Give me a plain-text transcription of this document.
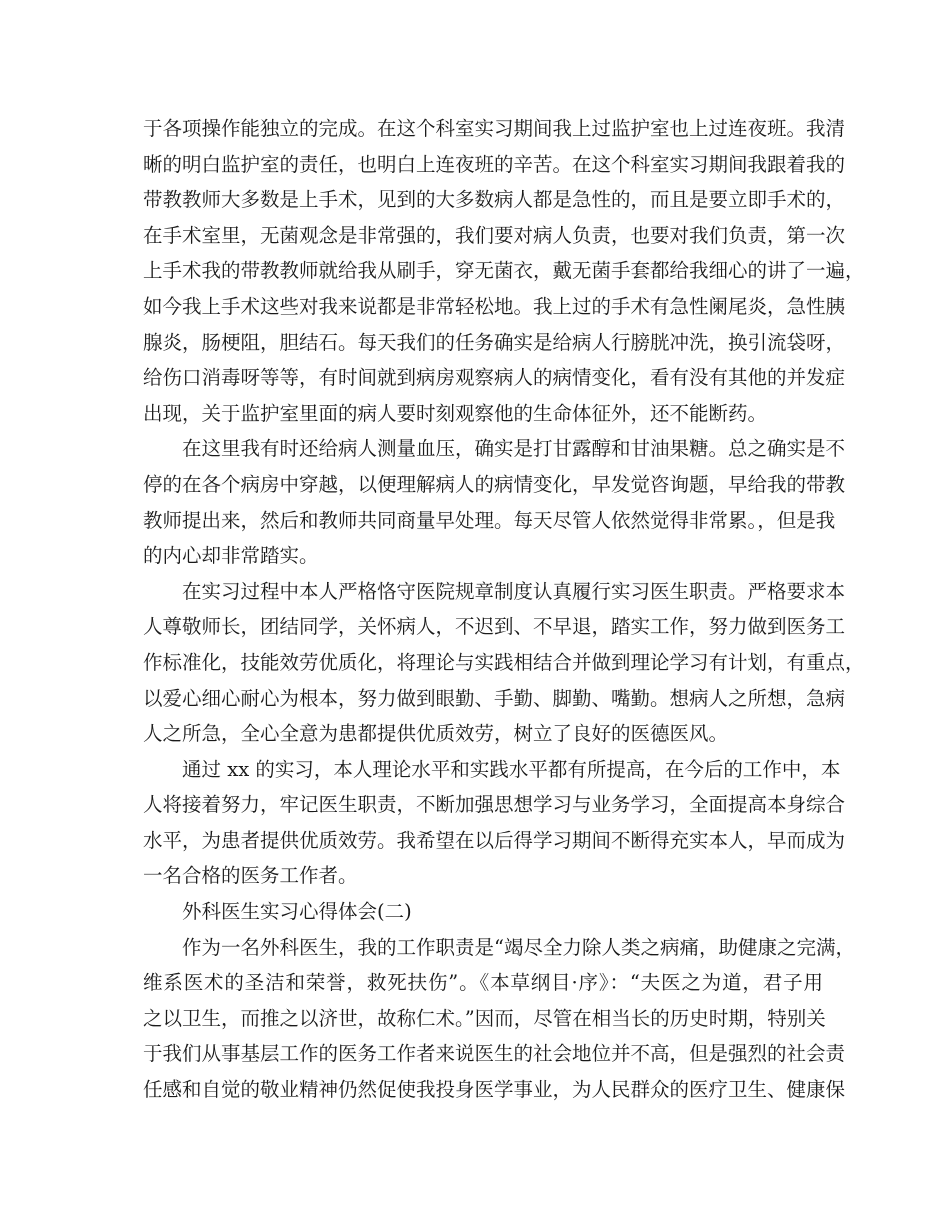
于各项操作能独立的完成。在这个科室实习期间我上过监护室也上过连夜班。我清
晰的明白监护室的责任，也明白上连夜班的辛苦。在这个科室实习期间我跟着我的
带教教师大多数是上手术，见到的大多数病人都是急性的，而且是要立即手术的，
在手术室里，无菌观念是非常强的，我们要对病人负责，也要对我们负责，第一次
上手术我的带教教师就给我从刷手，穿无菌衣，戴无菌手套都给我细心的讲了一遍，
如今我上手术这些对我来说都是非常轻松地。我上过的手术有急性阑尾炎，急性胰
腺炎，肠梗阻，胆结石。每天我们的任务确实是给病人行膀胱冲洗，换引流袋呀，
给伤口消毒呀等等，有时间就到病房观察病人的病情变化，看有没有其他的并发症
出现，关于监护室里面的病人要时刻观察他的生命体征外，还不能断药。
在这里我有时还给病人测量血压，确实是打甘露醇和甘油果糖。总之确实是不
停的在各个病房中穿越，以便理解病人的病情变化，早发觉咨询题，早给我的带教
教师提出来，然后和教师共同商量早处理。每天尽管人依然觉得非常累。，但是我
的内心却非常踏实。
在实习过程中本人严格恪守医院规章制度认真履行实习医生职责。严格要求本
人尊敬师长，团结同学，关怀病人，不迟到、不早退，踏实工作，努力做到医务工
作标准化，技能效劳优质化，将理论与实践相结合并做到理论学习有计划，有重点，
以爱心细心耐心为根本，努力做到眼勤、手勤、脚勤、嘴勤。想病人之所想，急病
人之所急，全心全意为患都提供优质效劳，树立了良好的医德医风。
通过 xx 的实习，本人理论水平和实践水平都有所提高，在今后的工作中，本
人将接着努力，牢记医生职责，不断加强思想学习与业务学习，全面提高本身综合
水平，为患者提供优质效劳。我希望在以后得学习期间不断得充实本人，早而成为
一名合格的医务工作者。
外科医生实习心得体会(二)
作为一名外科医生，我的工作职责是“竭尽全力除人类之病痛，助健康之完满，
维系医术的圣洁和荣誉，救死扶伤”。《本草纲目·序》：“夫医之为道，君子用
之以卫生，而推之以济世，故称仁术。”因而，尽管在相当长的历史时期，特别关
于我们从事基层工作的医务工作者来说医生的社会地位并不高，但是强烈的社会责
任感和自觉的敬业精神仍然促使我投身医学事业，为人民群众的医疗卫生、健康保
